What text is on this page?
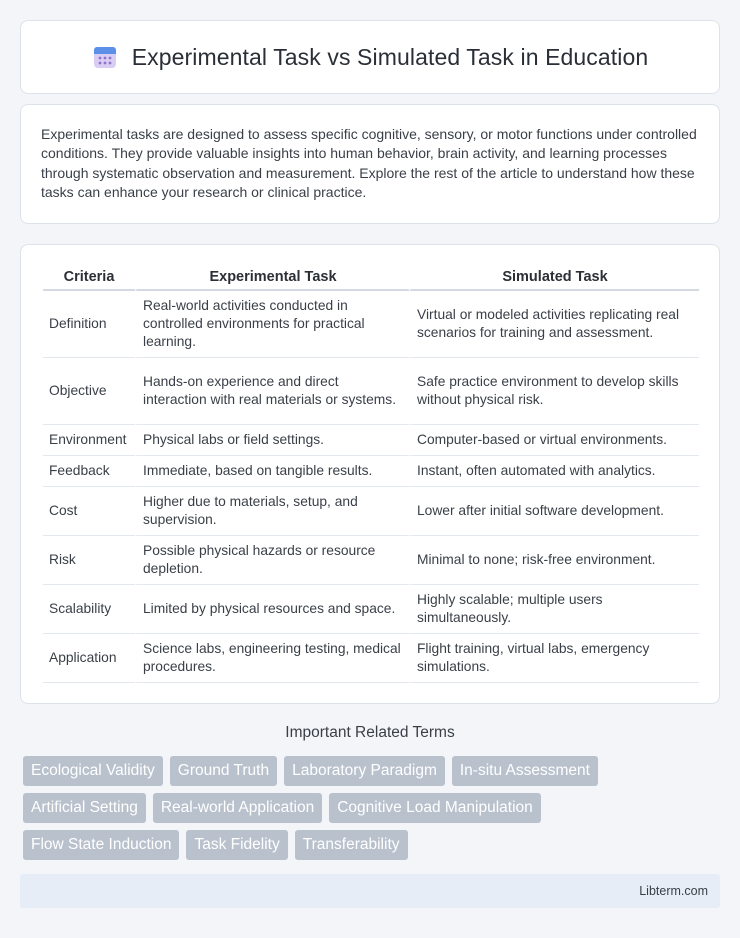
Experimental Task vs Simulated Task in Education

Experimental tasks are designed to assess specific cognitive, sensory, or motor functions under controlled conditions. They provide valuable insights into human behavior, brain activity, and learning processes through systematic observation and measurement. Explore the rest of the article to understand how these tasks can enhance your research or clinical practice.

Criteria	Experimental Task	Simulated Task
Definition	Real-world activities conducted in controlled environments for practical learning.	Virtual or modeled activities replicating real scenarios for training and assessment.
Objective	Hands-on experience and direct interaction with real materials or systems.	Safe practice environment to develop skills without physical risk.
Environment	Physical labs or field settings.	Computer-based or virtual environments.
Feedback	Immediate, based on tangible results.	Instant, often automated with analytics.
Cost	Higher due to materials, setup, and supervision.	Lower after initial software development.
Risk	Possible physical hazards or resource depletion.	Minimal to none; risk-free environment.
Scalability	Limited by physical resources and space.	Highly scalable; multiple users simultaneously.
Application	Science labs, engineering testing, medical procedures.	Flight training, virtual labs, emergency simulations.
Important Related Terms
Ecological Validity	Ground Truth	Laboratory Paradigm	In-situ Assessment
Artificial Setting	Real-world Application	Cognitive Load Manipulation
Flow State Induction	Task Fidelity	Transferability
Libterm.com
